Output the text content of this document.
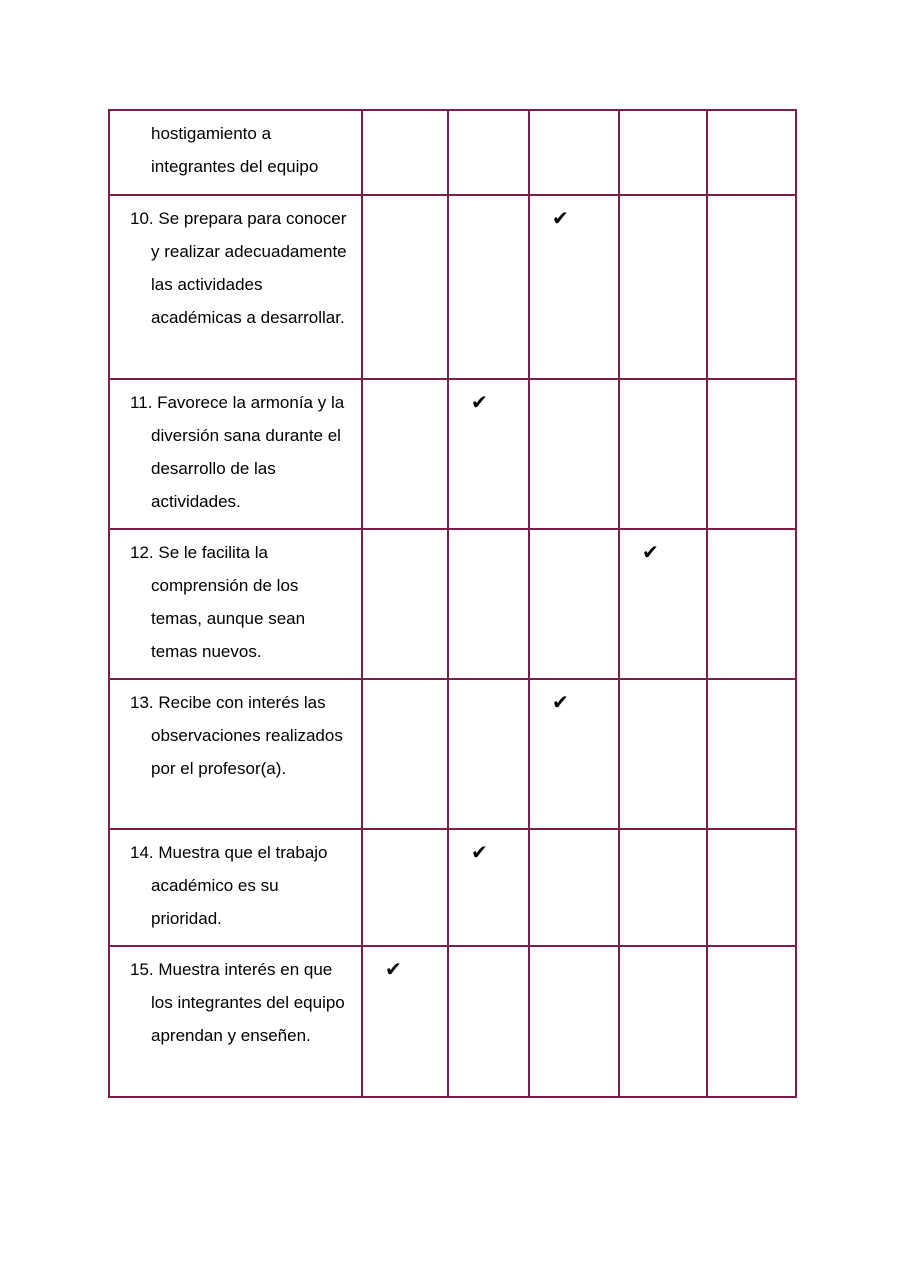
hostigamiento a integrantes del equipo					

10. Se prepara para conocer y realizar adecuadamente las actividades académicas a desarrollar.			✔		

11. Favorece la armonía y la diversión sana durante el desarrollo de las actividades.		✔			

12. Se le facilita la comprensión de los temas, aunque sean temas nuevos.				✔	

13. Recibe con interés las observaciones realizados por el profesor(a).			✔		

14. Muestra que el trabajo académico es su prioridad.		✔			

15. Muestra interés en que los integrantes del equipo aprendan y enseñen.	✔				
